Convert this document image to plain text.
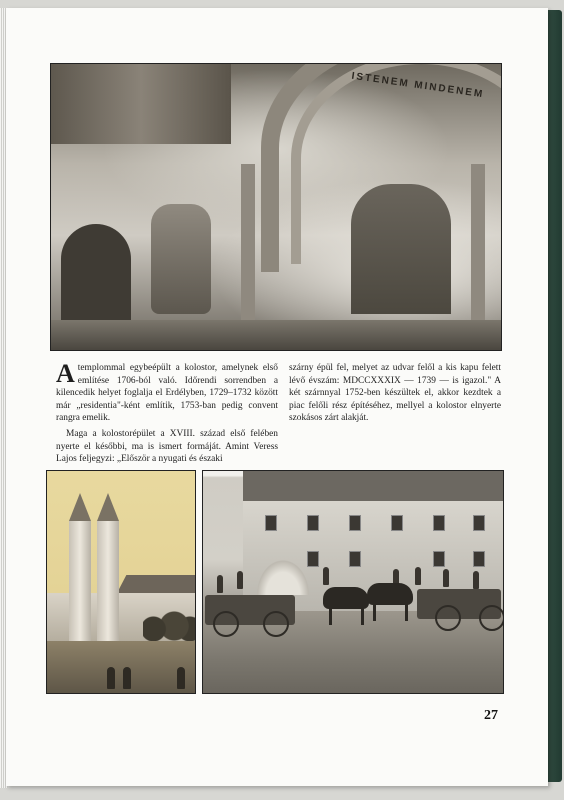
ISTENEM MINDENEM

Atemplommal egybeépült a kolostor, amelynek első említése 1706-ból való. Időrendi sorrendben a kilencedik helyet foglalja el Erdélyben, 1729–1732 között már „residentia"-ként említik, 1753-ban pedig convent rangra emelik.

Maga a kolostorépület a XVIII. század első felében nyerte el későbbi, ma is ismert formáját. Amint Veress Lajos feljegyzi: „Először a nyugati és északi

szárny épül fel, melyet az udvar felől a kis kapu felett lévő évszám: MDCCXXXIX — 1739 — is igazol." A két szárnnyal 1752-ben készültek el, akkor kezdtek a piac felőli rész építéséhez, mellyel a kolostor elnyerte szokásos zárt alakját.

27
